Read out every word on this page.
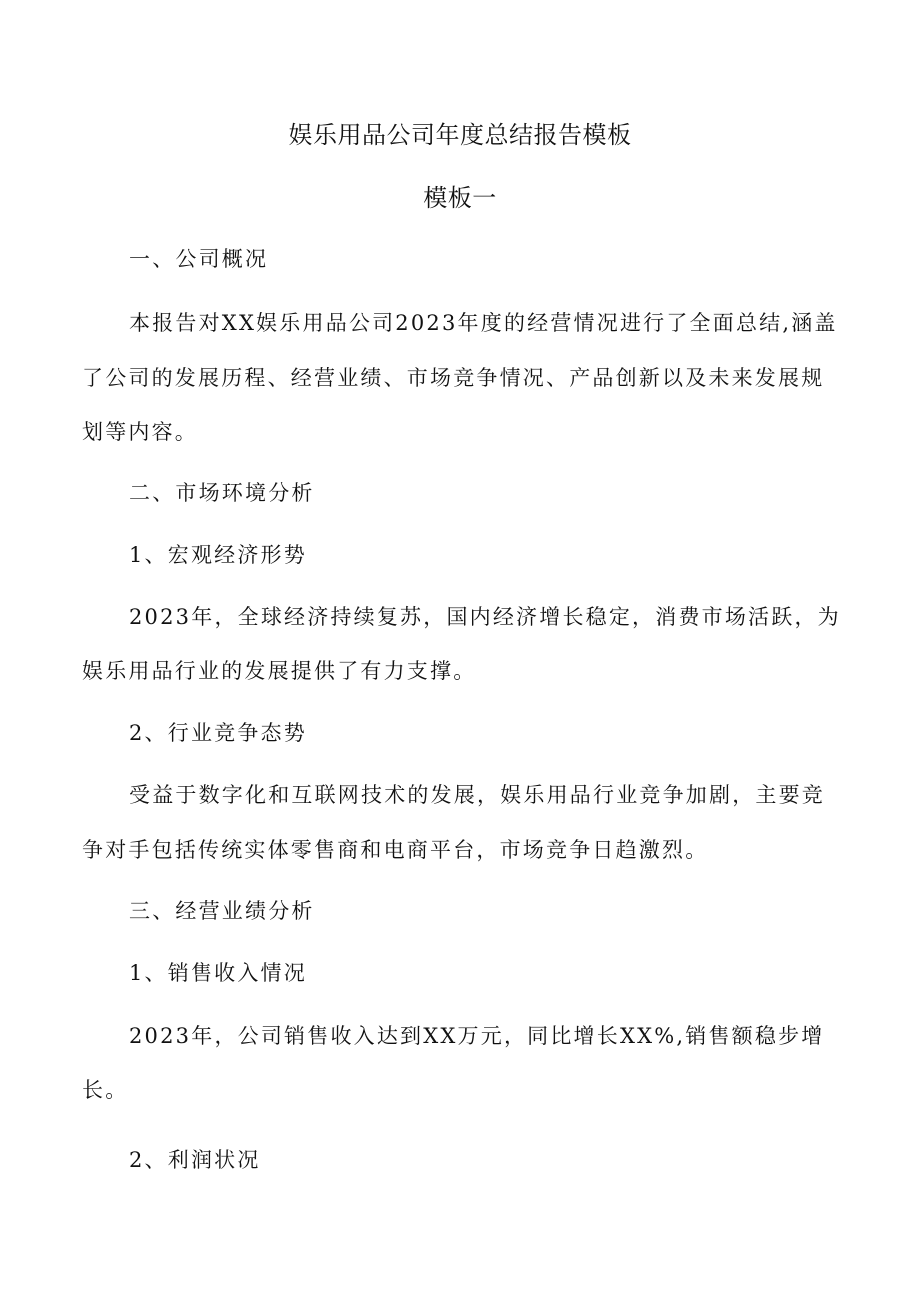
娱乐用品公司年度总结报告模板
模板一
一、公司概况
本报告对XX娱乐用品公司2023年度的经营情况进行了全面总结,涵盖
了公司的发展历程、经营业绩、市场竞争情况、产品创新以及未来发展规
划等内容。
二、市场环境分析
1、宏观经济形势
2023年，全球经济持续复苏，国内经济增长稳定，消费市场活跃，为
娱乐用品行业的发展提供了有力支撑。
2、行业竞争态势
受益于数字化和互联网技术的发展，娱乐用品行业竞争加剧，主要竞
争对手包括传统实体零售商和电商平台，市场竞争日趋激烈。
三、经营业绩分析
1、销售收入情况
2023年，公司销售收入达到XX万元，同比增长XX%,销售额稳步增
长。
2、利润状况
